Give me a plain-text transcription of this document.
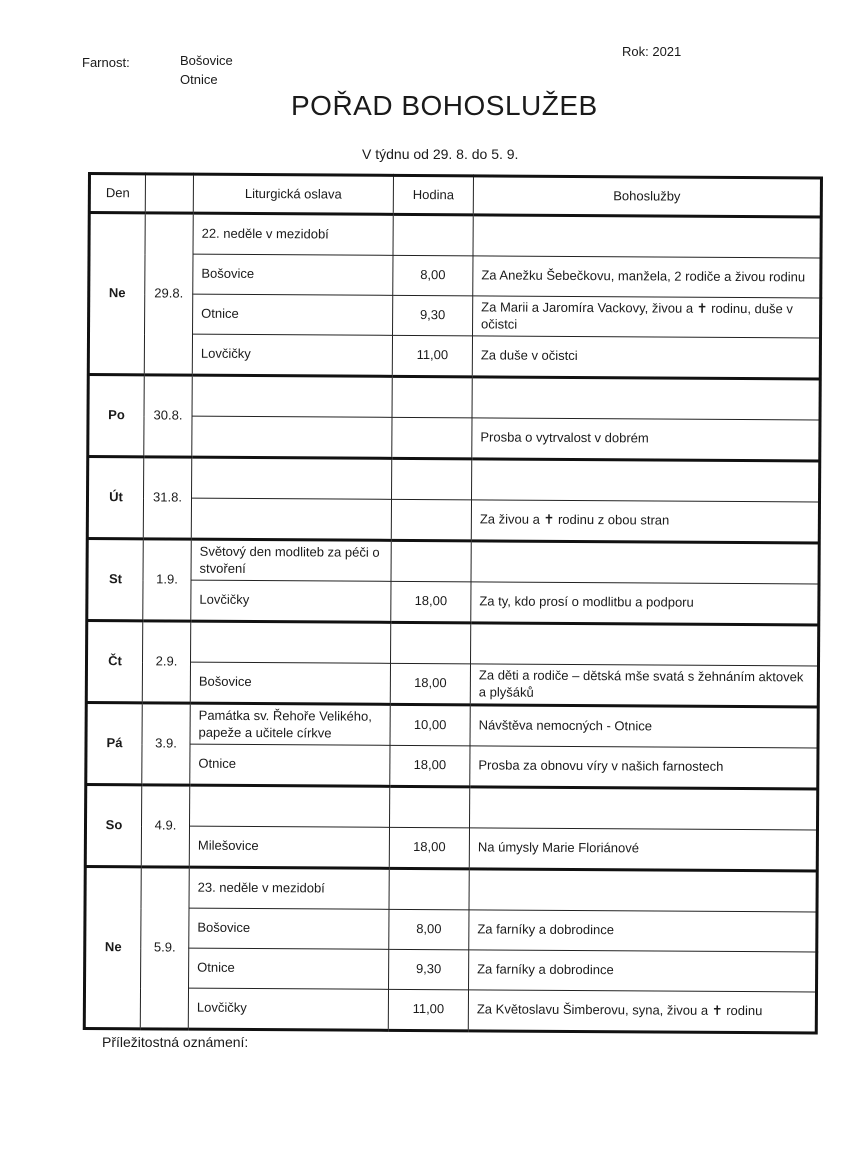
Farnost:	Bošovice
Otnice
Rok: 2021
POŘAD BOHOSLUŽEB
V týdnu od 29. 8. do 5. 9.
Den		Liturgická oslava	Hodina	Bohoslužby
Ne	29.8.	22. neděle v mezidobí		
		Bošovice	8,00	Za Anežku Šebečkovu, manžela, 2 rodiče a živou rodinu
		Otnice	9,30	Za Marii a Jaromíra Vackovy, živou a ✝ rodinu, duše v očistci
		Lovčičky	11,00	Za duše v očistci
Po	30.8.			
				Prosba o vytrvalost v dobrém
Út	31.8.			
				Za živou a ✝ rodinu z obou stran
St	1.9.	Světový den modliteb za péči o stvoření		
		Lovčičky	18,00	Za ty, kdo prosí o modlitbu a podporu
Čt	2.9.			
		Bošovice	18,00	Za děti a rodiče – dětská mše svatá s žehnáním aktovek a plyšáků
Pá	3.9.	Památka sv. Řehoře Velikého, papeže a učitele církve	10,00	Návštěva nemocných - Otnice
		Otnice	18,00	Prosba za obnovu víry v našich farnostech
So	4.9.			
		Milešovice	18,00	Na úmysly Marie Floriánové
Ne	5.9.	23. neděle v mezidobí		
		Bošovice	8,00	Za farníky a dobrodince
		Otnice	9,30	Za farníky a dobrodince
		Lovčičky	11,00	Za Květoslavu Šimberovu, syna, živou a ✝ rodinu
Příležitostná oznámení:
